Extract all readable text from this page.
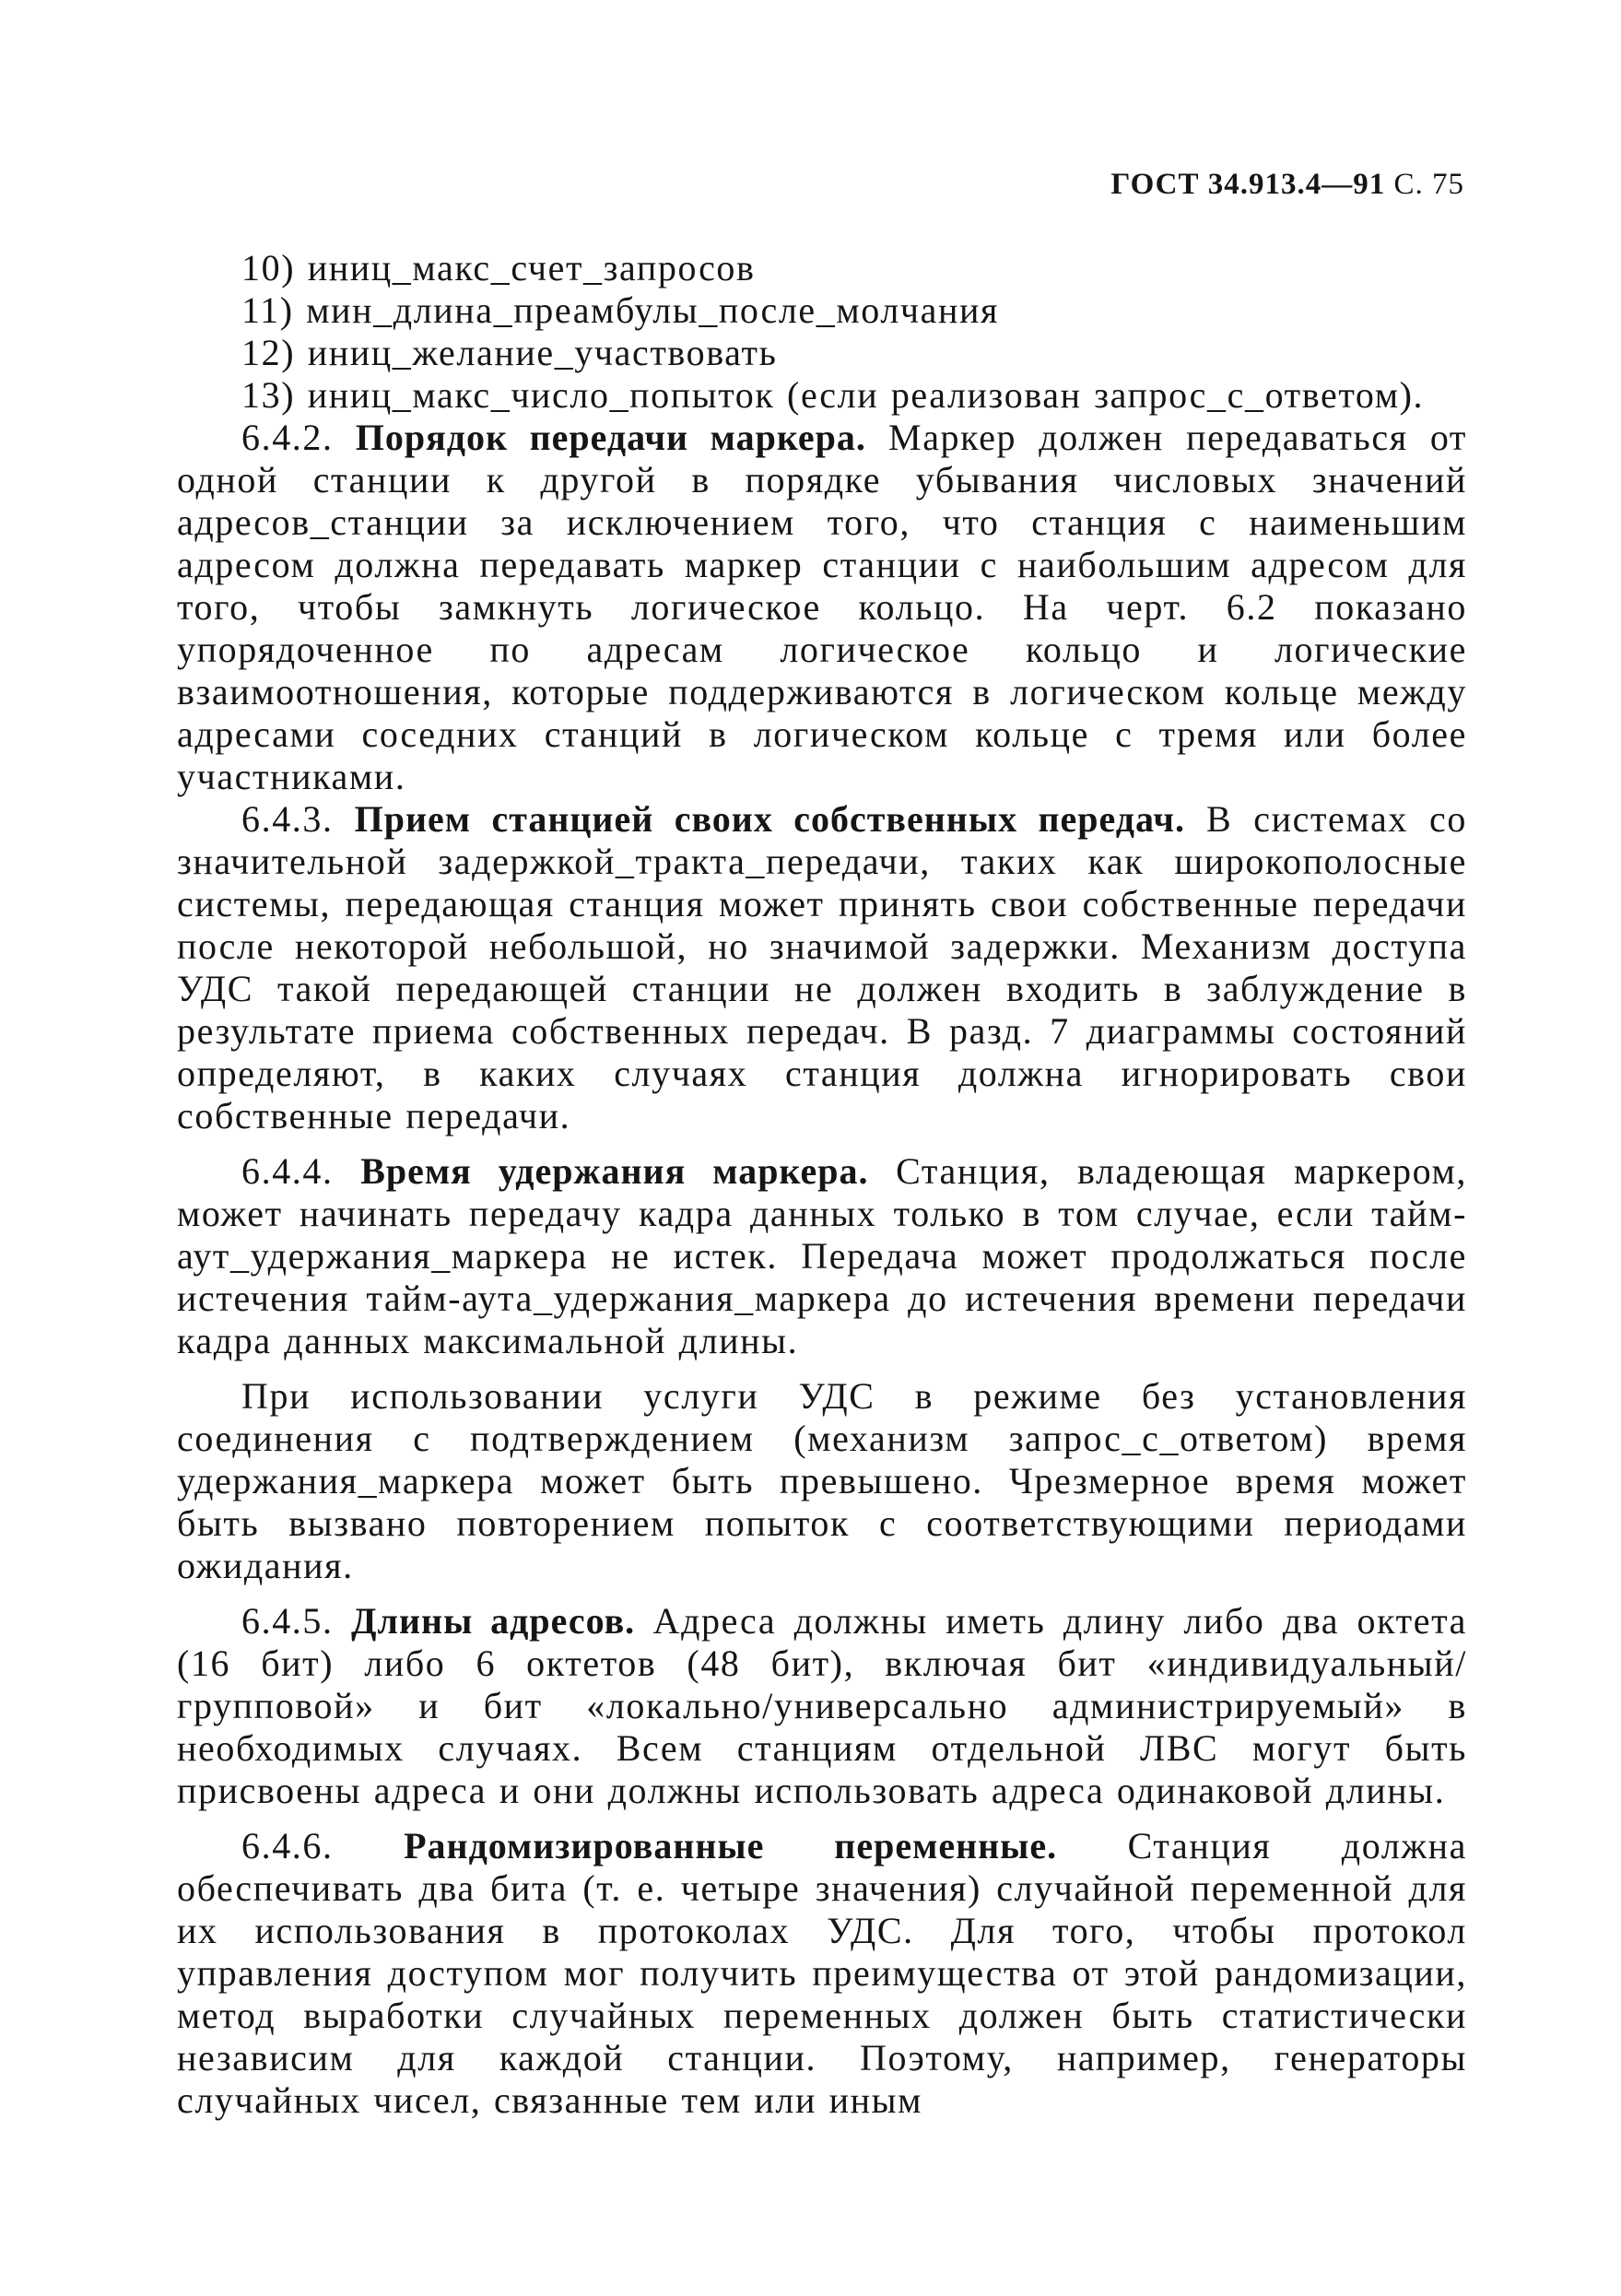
ГОСТ 34.913.4—91 С. 75

10) иниц_макс_счет_запросов

11) мин_длина_преамбулы_после_молчания

12) иниц_желание_участвовать

13) иниц_макс_число_попыток (если реализован запрос_с_ответом).

6.4.2. Порядок передачи маркера. Маркер должен передаваться от одной станции к другой в порядке убывания числовых значений адресов_станции за исключением того, что станция с наименьшим адресом должна передавать маркер станции с наибольшим адресом для того, чтобы замкнуть логическое кольцо. На черт. 6.2 показано упорядоченное по адресам логическое кольцо и логические взаимоотношения, которые поддерживаются в логическом кольце между адресами соседних станций в логическом кольце с тремя или более участниками.

6.4.3. Прием станцией своих собственных передач. В системах со значительной задержкой_тракта_передачи, таких как широкополосные системы, передающая станция может принять свои собственные передачи после некоторой небольшой, но значимой задержки. Механизм доступа УДС такой передающей станции не должен входить в заблуждение в результате приема собственных передач. В разд. 7 диаграммы состояний определяют, в каких случаях станция должна игнорировать свои собственные передачи.

6.4.4. Время удержания маркера. Станция, владеющая маркером, может начинать передачу кадра данных только в том случае, если тайм-аут_удержания_маркера не истек. Передача может продолжаться после истечения тайм-аута_удержания_маркера до истечения времени передачи кадра данных максимальной длины.

При использовании услуги УДС в режиме без установления соединения с подтверждением (механизм запрос_с_ответом) время удержания_маркера может быть превышено. Чрезмерное время может быть вызвано повторением попыток с соответствующими периодами ожидания.

6.4.5. Длины адресов. Адреса должны иметь длину либо два октета (16 бит) либо 6 октетов (48 бит), включая бит «индивидуальный/групповой» и бит «локально/универсально администрируемый» в необходимых случаях. Всем станциям отдельной ЛВС могут быть присвоены адреса и они должны использовать адреса одинаковой длины.

6.4.6. Рандомизированные переменные. Станция должна обеспечивать два бита (т. е. четыре значения) случайной переменной для их использования в протоколах УДС. Для того, чтобы протокол управления доступом мог получить преимущества от этой рандомизации, метод выработки случайных переменных должен быть статистически независим для каждой станции. Поэтому, например, генераторы случайных чисел, связанные тем или иным
